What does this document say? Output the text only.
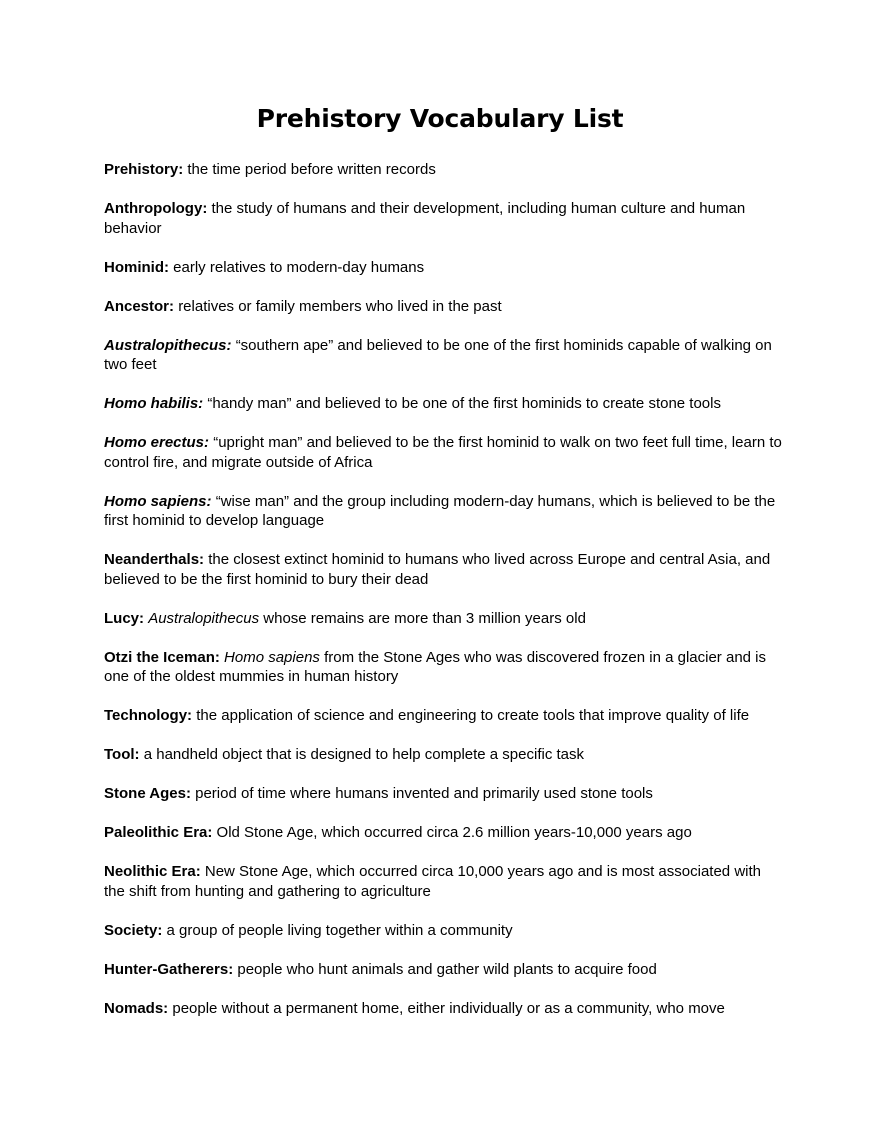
Prehistory Vocabulary List
Prehistory: the time period before written records
Anthropology: the study of humans and their development, including human culture and human behavior
Hominid: early relatives to modern-day humans
Ancestor: relatives or family members who lived in the past
Australopithecus: “southern ape” and believed to be one of the first hominids capable of walking on two feet
Homo habilis: “handy man” and believed to be one of the first hominids to create stone tools
Homo erectus: “upright man” and believed to be the first hominid to walk on two feet full time, learn to control fire, and migrate outside of Africa
Homo sapiens: “wise man” and the group including modern-day humans, which is believed to be the first hominid to develop language
Neanderthals: the closest extinct hominid to humans who lived across Europe and central Asia, and believed to be the first hominid to bury their dead
Lucy: Australopithecus whose remains are more than 3 million years old
Otzi the Iceman: Homo sapiens from the Stone Ages who was discovered frozen in a glacier and is one of the oldest mummies in human history
Technology: the application of science and engineering to create tools that improve quality of life
Tool: a handheld object that is designed to help complete a specific task
Stone Ages: period of time where humans invented and primarily used stone tools
Paleolithic Era: Old Stone Age, which occurred circa 2.6 million years-10,000 years ago
Neolithic Era: New Stone Age, which occurred circa 10,000 years ago and is most associated with the shift from hunting and gathering to agriculture
Society: a group of people living together within a community
Hunter-Gatherers: people who hunt animals and gather wild plants to acquire food
Nomads: people without a permanent home, either individually or as a community, who move
